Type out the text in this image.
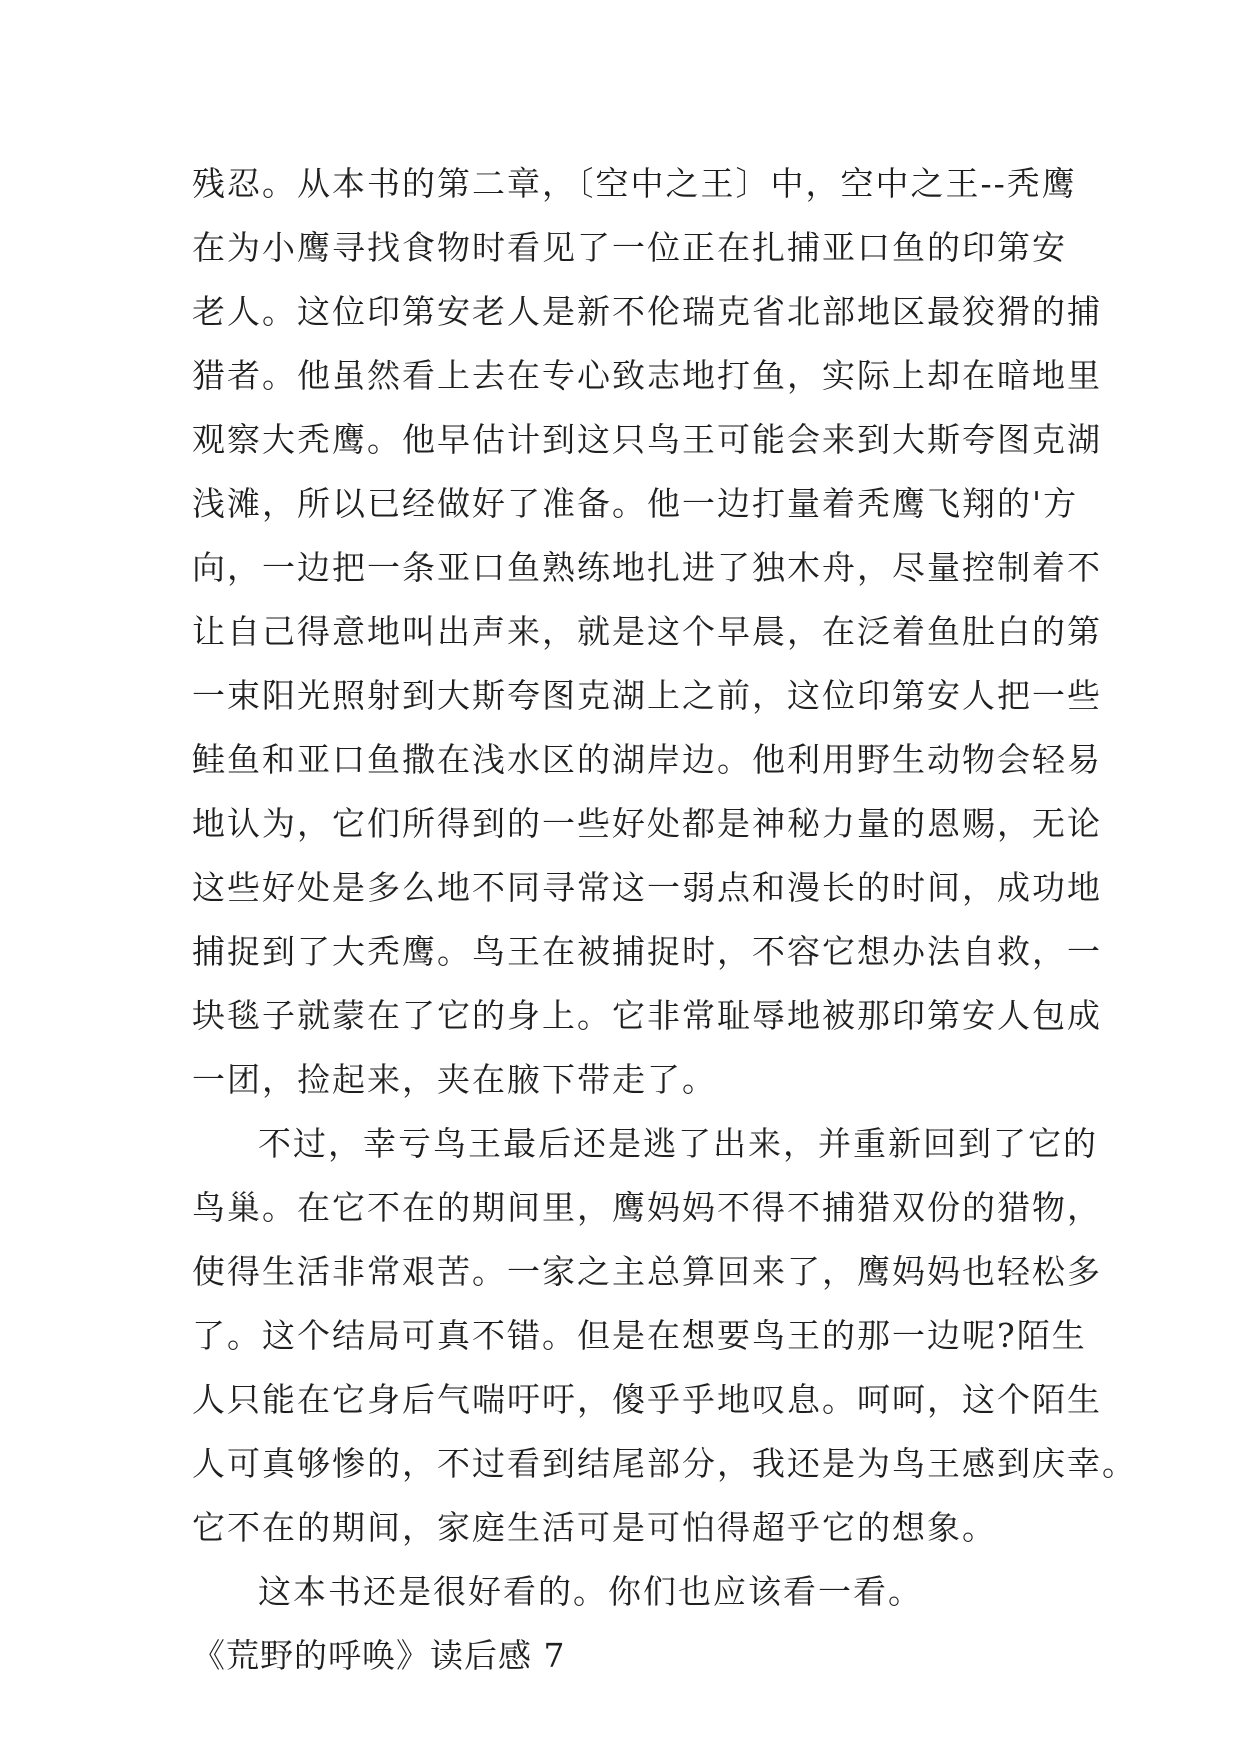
残忍。从本书的第二章，〔空中之王〕中，空中之王--秃鹰
在为小鹰寻找食物时看见了一位正在扎捕亚口鱼的印第安
老人。这位印第安老人是新不伦瑞克省北部地区最狡猾的捕
猎者。他虽然看上去在专心致志地打鱼，实际上却在暗地里
观察大秃鹰。他早估计到这只鸟王可能会来到大斯夸图克湖
浅滩，所以已经做好了准备。他一边打量着秃鹰飞翔的'方
向，一边把一条亚口鱼熟练地扎进了独木舟，尽量控制着不
让自己得意地叫出声来，就是这个早晨，在泛着鱼肚白的第
一束阳光照射到大斯夸图克湖上之前，这位印第安人把一些
鲑鱼和亚口鱼撒在浅水区的湖岸边。他利用野生动物会轻易
地认为，它们所得到的一些好处都是神秘力量的恩赐，无论
这些好处是多么地不同寻常这一弱点和漫长的时间，成功地
捕捉到了大秃鹰。鸟王在被捕捉时，不容它想办法自救，一
块毯子就蒙在了它的身上。它非常耻辱地被那印第安人包成
一团，捡起来，夹在腋下带走了。
不过，幸亏鸟王最后还是逃了出来，并重新回到了它的
鸟巢。在它不在的期间里，鹰妈妈不得不捕猎双份的猎物，
使得生活非常艰苦。一家之主总算回来了，鹰妈妈也轻松多
了。这个结局可真不错。但是在想要鸟王的那一边呢?陌生
人只能在它身后气喘吁吁，傻乎乎地叹息。呵呵，这个陌生
人可真够惨的，不过看到结尾部分，我还是为鸟王感到庆幸。
它不在的期间，家庭生活可是可怕得超乎它的想象。
这本书还是很好看的。你们也应该看一看。
《荒野的呼唤》读后感 7
